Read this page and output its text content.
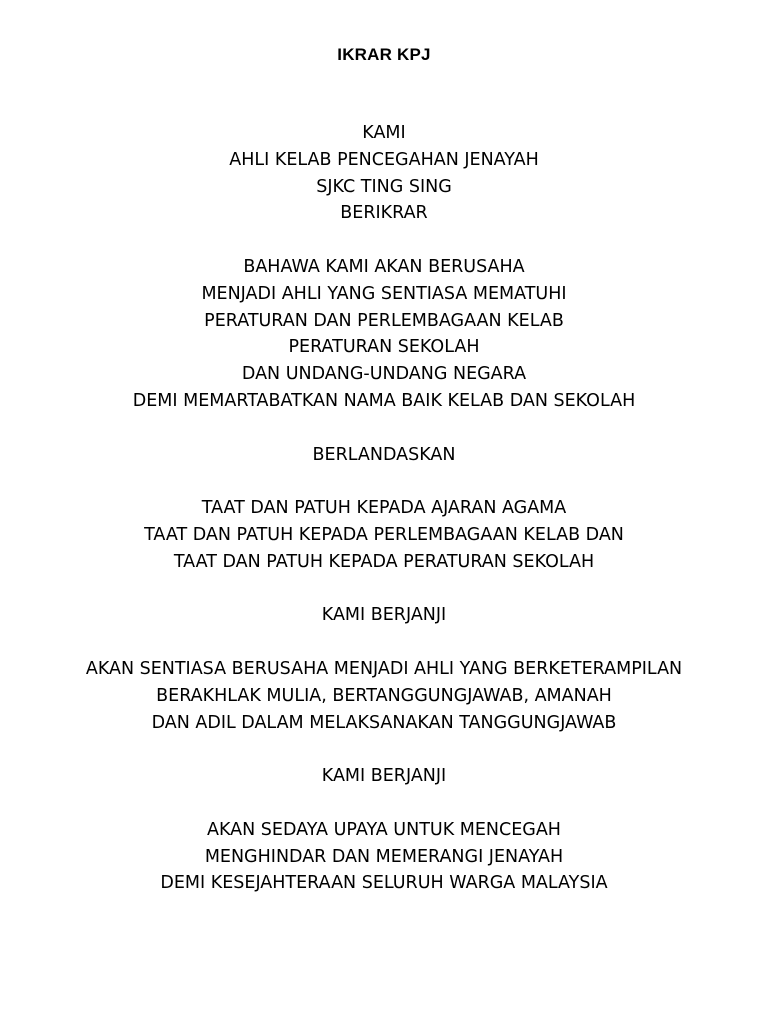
IKRAR KPJ
KAMI
AHLI KELAB PENCEGAHAN JENAYAH
SJKC TING SING
BERIKRAR
BAHAWA KAMI AKAN BERUSAHA
MENJADI AHLI YANG SENTIASA MEMATUHI
PERATURAN DAN PERLEMBAGAAN KELAB
PERATURAN SEKOLAH
DAN UNDANG-UNDANG NEGARA
DEMI MEMARTABATKAN NAMA BAIK KELAB DAN SEKOLAH
BERLANDASKAN
TAAT DAN PATUH KEPADA AJARAN AGAMA
TAAT DAN PATUH KEPADA PERLEMBAGAAN KELAB DAN
TAAT DAN PATUH KEPADA PERATURAN SEKOLAH
KAMI BERJANJI
AKAN SENTIASA BERUSAHA MENJADI AHLI YANG BERKETERAMPILAN
BERAKHLAK MULIA, BERTANGGUNGJAWAB, AMANAH
DAN ADIL DALAM MELAKSANAKAN TANGGUNGJAWAB
KAMI BERJANJI
AKAN SEDAYA UPAYA UNTUK MENCEGAH
MENGHINDAR DAN MEMERANGI JENAYAH
DEMI KESEJAHTERAAN SELURUH WARGA MALAYSIA
